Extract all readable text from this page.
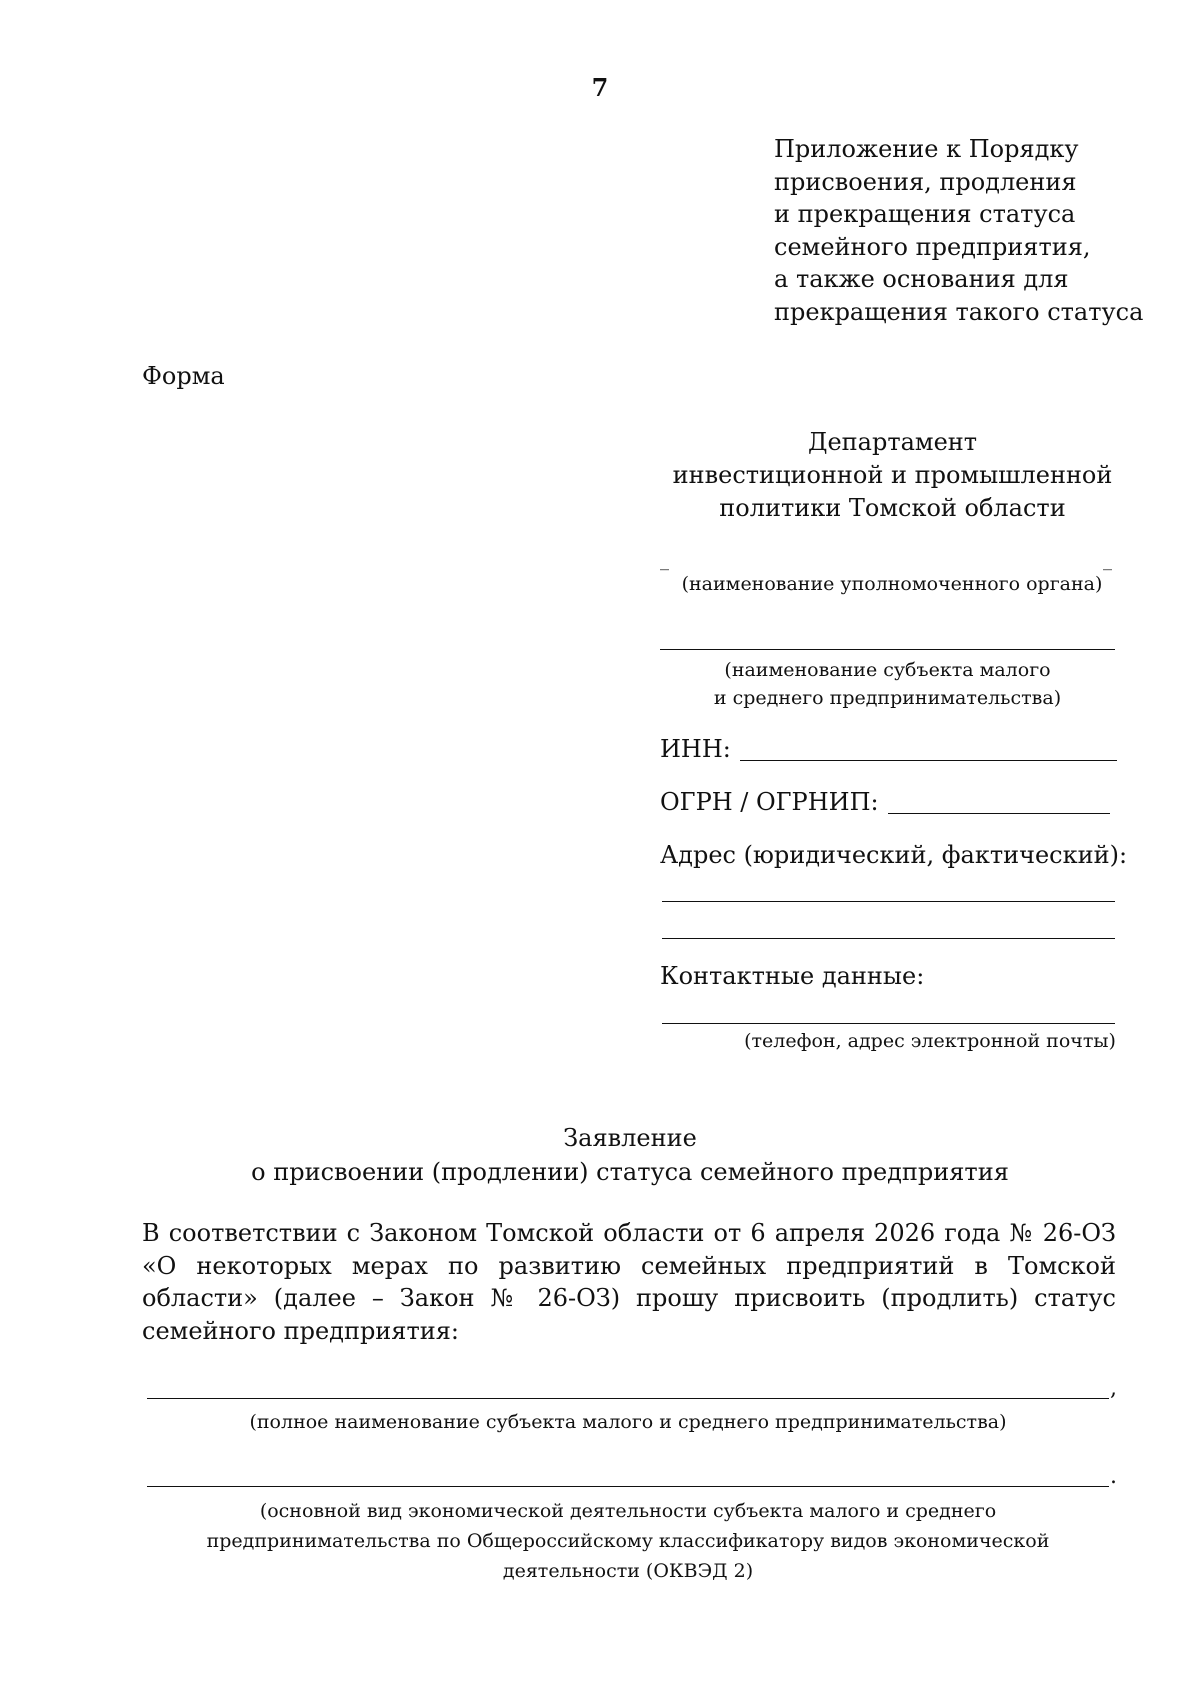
7
Приложение к Порядку
присвоения, продления
и прекращения статуса
семейного предприятия,
а также основания для
прекращения такого статуса
Форма
Департамент
инвестиционной и промышленной
политики Томской области
_
(наименование уполномоченного органа)
_
(наименование субъекта малого
и среднего предпринимательства)
ИНН:
ОГРН / ОГРНИП:
Адрес (юридический, фактический):
Контактные данные:
(телефон, адрес электронной почты)
Заявление
о присвоении (продлении) статуса семейного предприятия
В соответствии с Законом Томской области от 6 апреля 2026 года № 26-ОЗ «О некоторых мерах по развитию семейных предприятий в Томской области» (далее – Закон № 26-ОЗ) прошу присвоить (продлить) статус семейного предприятия:
,
(полное наименование субъекта малого и среднего предпринимательства)
.
(основной вид экономической деятельности субъекта малого и среднего
предпринимательства по Общероссийскому классификатору видов экономической
деятельности (ОКВЭД 2)
